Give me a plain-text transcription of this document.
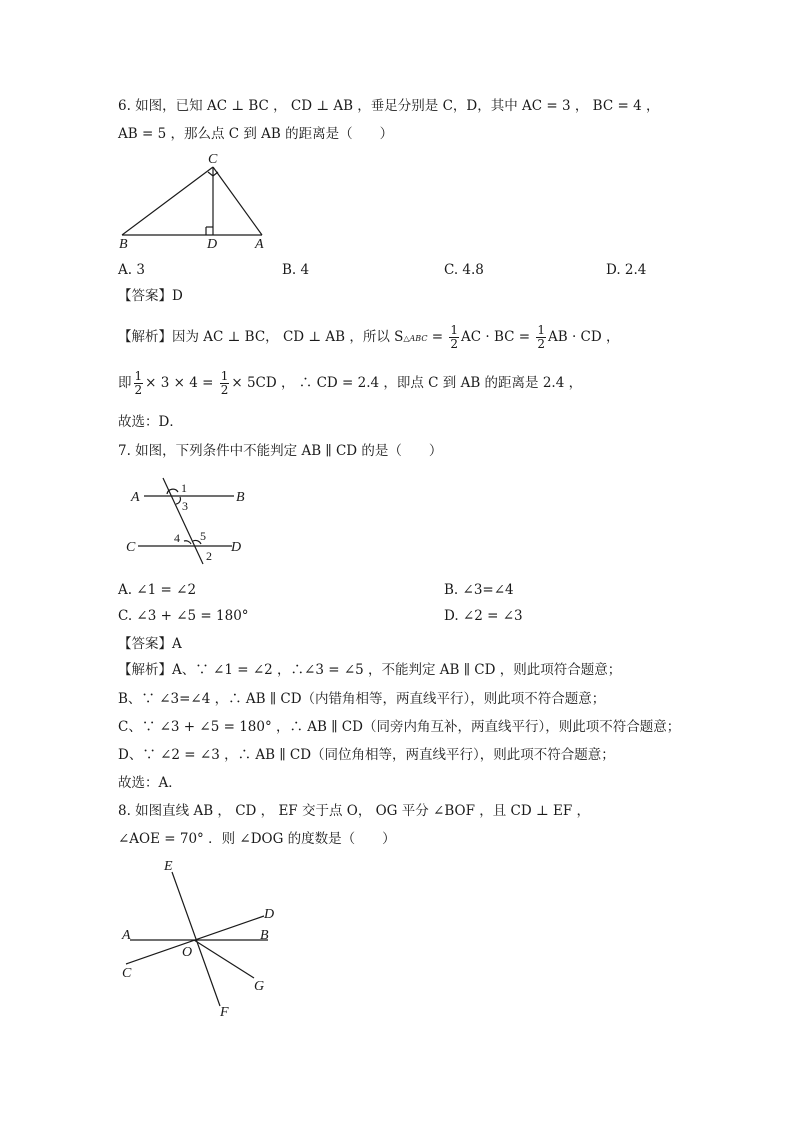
6. 如图，已知 AC ⊥ BC ， CD ⊥ AB ，垂足分别是 C，D，其中 AC = 3 ， BC = 4 ，
AB = 5 ，那么点 C 到 AB 的距离是（　　）
C
B	D	A
A. 3	B. 4	C. 4.8	D. 2.4
【答案】D
【解析】因为 AC ⊥ BC， CD ⊥ AB ，所以 S△ABC = $\frac{1}{2}$ AC · BC = $\frac{1}{2}$ AB · CD ，
即 $\frac{1}{2} \times 3 \times 4 = \frac{1}{2} \times 5CD$ ， ∴ CD = 2.4 ，即点 C 到 AB 的距离是 2.4 ，
故选：D．
7. 如图，下列条件中不能判定 AB ∥ CD 的是（　　）
A	B
C	D
1
3
4 5
2
A. ∠1 = ∠2	B. ∠3=∠4
C. ∠3 + ∠5 = 180°	D. ∠2 = ∠3
【答案】A
【解析】A、∵ ∠1 = ∠2 ，∴∠3 = ∠5 ，不能判定 AB ∥ CD ，则此项符合题意；
B、∵ ∠3=∠4 ，∴ AB ∥ CD（内错角相等，两直线平行），则此项不符合题意；
C、∵ ∠3 + ∠5 = 180° ，∴ AB ∥ CD（同旁内角互补，两直线平行），则此项不符合题意；
D、∵ ∠2 = ∠3 ，∴ AB ∥ CD（同位角相等，两直线平行），则此项不符合题意；
故选：A．
8. 如图直线 AB ， CD ， EF 交于点 O， OG 平分 ∠BOF ，且 CD ⊥ EF ，
∠AOE = 70° ．则 ∠DOG 的度数是（　　）
E
D
A	B
O
C
G
F
